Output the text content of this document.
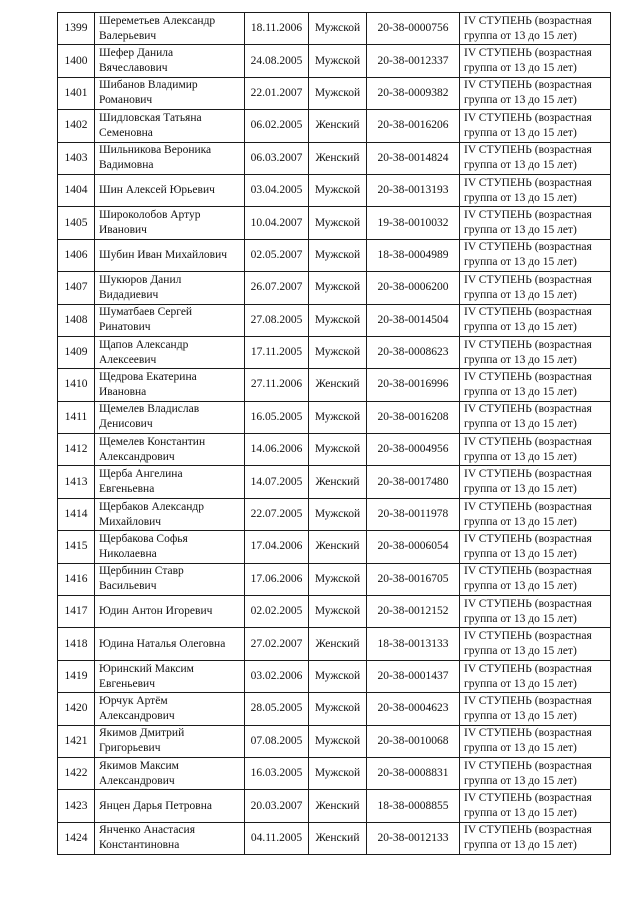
1399	Шереметьев Александр
Валерьевич	18.11.2006	Мужской	20-38-0000756	IV СТУПЕНЬ (возрастная
группа от 13 до 15 лет)

1400	Шефер Данила
Вячеславович	24.08.2005	Мужской	20-38-0012337	IV СТУПЕНЬ (возрастная
группа от 13 до 15 лет)

1401	Шибанов Владимир
Романович	22.01.2007	Мужской	20-38-0009382	IV СТУПЕНЬ (возрастная
группа от 13 до 15 лет)

1402	Шидловская Татьяна
Семеновна	06.02.2005	Женский	20-38-0016206	IV СТУПЕНЬ (возрастная
группа от 13 до 15 лет)

1403	Шильникова Вероника
Вадимовна	06.03.2007	Женский	20-38-0014824	IV СТУПЕНЬ (возрастная
группа от 13 до 15 лет)

1404	Шин Алексей Юрьевич	03.04.2005	Мужской	20-38-0013193	IV СТУПЕНЬ (возрастная
группа от 13 до 15 лет)

1405	Широколобов Артур
Иванович	10.04.2007	Мужской	19-38-0010032	IV СТУПЕНЬ (возрастная
группа от 13 до 15 лет)

1406	Шубин Иван Михайлович	02.05.2007	Мужской	18-38-0004989	IV СТУПЕНЬ (возрастная
группа от 13 до 15 лет)

1407	Шукюров Данил
Видадиевич	26.07.2007	Мужской	20-38-0006200	IV СТУПЕНЬ (возрастная
группа от 13 до 15 лет)

1408	Шуматбаев Сергей
Ринатович	27.08.2005	Мужской	20-38-0014504	IV СТУПЕНЬ (возрастная
группа от 13 до 15 лет)

1409	Щапов Александр
Алексеевич	17.11.2005	Мужской	20-38-0008623	IV СТУПЕНЬ (возрастная
группа от 13 до 15 лет)

1410	Щедрова Екатерина
Ивановна	27.11.2006	Женский	20-38-0016996	IV СТУПЕНЬ (возрастная
группа от 13 до 15 лет)

1411	Щемелев Владислав
Денисович	16.05.2005	Мужской	20-38-0016208	IV СТУПЕНЬ (возрастная
группа от 13 до 15 лет)

1412	Щемелев Константин
Александрович	14.06.2006	Мужской	20-38-0004956	IV СТУПЕНЬ (возрастная
группа от 13 до 15 лет)

1413	Щерба Ангелина
Евгеньевна	14.07.2005	Женский	20-38-0017480	IV СТУПЕНЬ (возрастная
группа от 13 до 15 лет)

1414	Щербаков Александр
Михайлович	22.07.2005	Мужской	20-38-0011978	IV СТУПЕНЬ (возрастная
группа от 13 до 15 лет)

1415	Щербакова Софья
Николаевна	17.04.2006	Женский	20-38-0006054	IV СТУПЕНЬ (возрастная
группа от 13 до 15 лет)

1416	Щербинин Ставр
Васильевич	17.06.2006	Мужской	20-38-0016705	IV СТУПЕНЬ (возрастная
группа от 13 до 15 лет)

1417	Юдин Антон Игоревич	02.02.2005	Мужской	20-38-0012152	IV СТУПЕНЬ (возрастная
группа от 13 до 15 лет)

1418	Юдина Наталья Олеговна	27.02.2007	Женский	18-38-0013133	IV СТУПЕНЬ (возрастная
группа от 13 до 15 лет)

1419	Юринский Максим
Евгеньевич	03.02.2006	Мужской	20-38-0001437	IV СТУПЕНЬ (возрастная
группа от 13 до 15 лет)

1420	Юрчук Артём
Александрович	28.05.2005	Мужской	20-38-0004623	IV СТУПЕНЬ (возрастная
группа от 13 до 15 лет)

1421	Якимов Дмитрий
Григорьевич	07.08.2005	Мужской	20-38-0010068	IV СТУПЕНЬ (возрастная
группа от 13 до 15 лет)

1422	Якимов Максим
Александрович	16.03.2005	Мужской	20-38-0008831	IV СТУПЕНЬ (возрастная
группа от 13 до 15 лет)

1423	Янцен Дарья Петровна	20.03.2007	Женский	18-38-0008855	IV СТУПЕНЬ (возрастная
группа от 13 до 15 лет)

1424	Янченко Анастасия
Константиновна	04.11.2005	Женский	20-38-0012133	IV СТУПЕНЬ (возрастная
группа от 13 до 15 лет)
